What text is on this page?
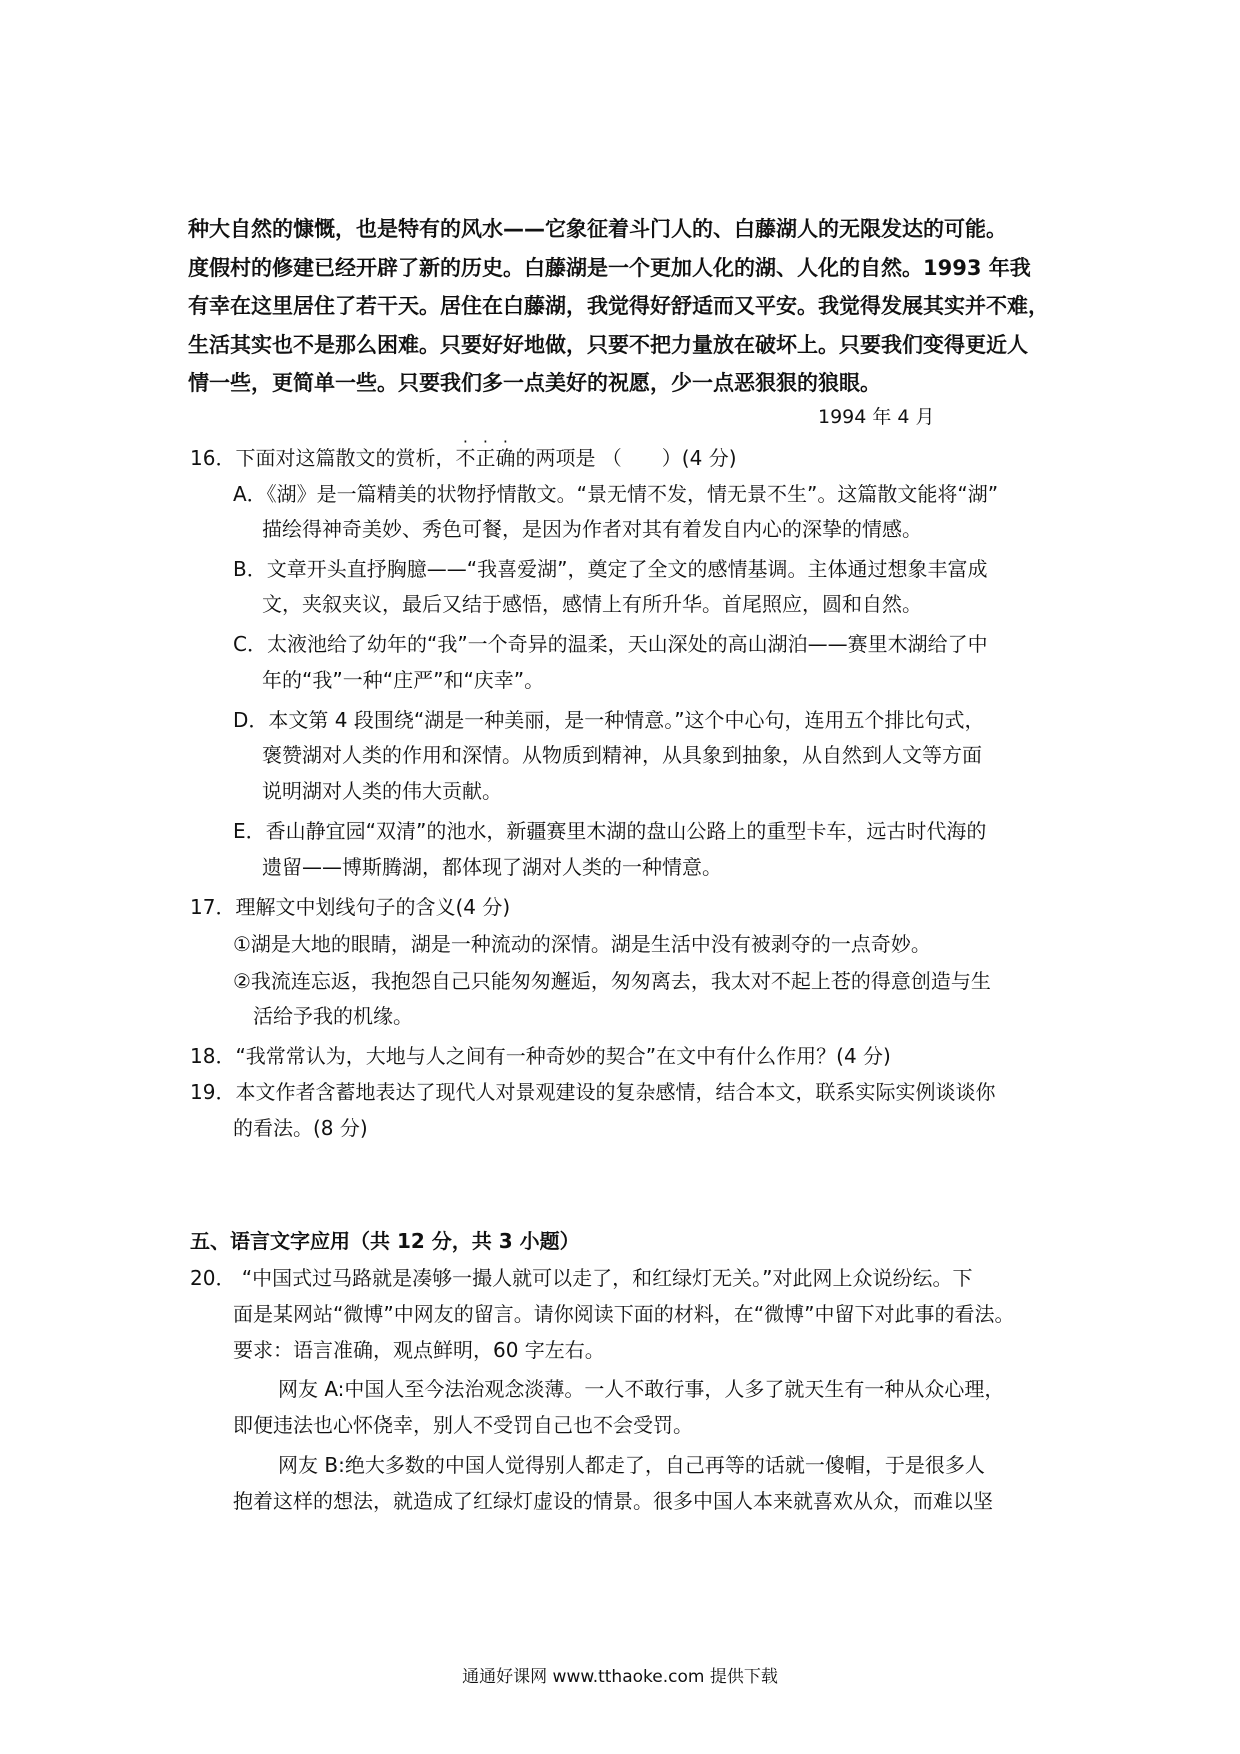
种大自然的慷慨，也是特有的风水——它象征着斗门人的、白藤湖人的无限发达的可能。

度假村的修建已经开辟了新的历史。白藤湖是一个更加人化的湖、人化的自然。1993 年我

有幸在这里居住了若干天。居住在白藤湖，我觉得好舒适而又平安。我觉得发展其实并不难，

生活其实也不是那么困难。只要好好地做，只要不把力量放在破坏上。只要我们变得更近人

情一些，更简单一些。只要我们多一点美好的祝愿，少一点恶狠狠的狼眼。

1994 年 4 月
16．下面对这篇散文的赏析，不正确的两项是 （　　）(4 分)
A．《湖》是一篇精美的状物抒情散文。“景无情不发，情无景不生”。这篇散文能将“湖”
描绘得神奇美妙、秀色可餐，是因为作者对其有着发自内心的深挚的情感。
B．文章开头直抒胸臆——“我喜爱湖”，奠定了全文的感情基调。主体通过想象丰富成
文，夹叙夹议，最后又结于感悟，感情上有所升华。首尾照应，圆和自然。
C．太液池给了幼年的“我”一个奇异的温柔，天山深处的高山湖泊——赛里木湖给了中
年的“我”一种“庄严”和“庆幸”。
D．本文第 4 段围绕“湖是一种美丽，是一种情意。”这个中心句，连用五个排比句式，
褒赞湖对人类的作用和深情。从物质到精神，从具象到抽象，从自然到人文等方面
说明湖对人类的伟大贡献。
E．香山静宜园“双清”的池水，新疆赛里木湖的盘山公路上的重型卡车，远古时代海的
遗留——博斯腾湖，都体现了湖对人类的一种情意。
17．理解文中划线句子的含义(4 分)
①湖是大地的眼睛，湖是一种流动的深情。湖是生活中没有被剥夺的一点奇妙。
②我流连忘返，我抱怨自己只能匆匆邂逅，匆匆离去，我太对不起上苍的得意创造与生
活给予我的机缘。
18．“我常常认为，大地与人之间有一种奇妙的契合”在文中有什么作用？(4 分)
19．本文作者含蓄地表达了现代人对景观建设的复杂感情，结合本文，联系实际实例谈谈你
的看法。(8 分)
五、语言文字应用（共 12 分，共 3 小题）
20． “中国式过马路就是凑够一撮人就可以走了，和红绿灯无关。”对此网上众说纷纭。下
面是某网站“微博”中网友的留言。请你阅读下面的材料，在“微博”中留下对此事的看法。
要求：语言准确，观点鲜明，60 字左右。
网友 A:中国人至今法治观念淡薄。一人不敢行事，人多了就天生有一种从众心理，
即便违法也心怀侥幸，别人不受罚自己也不会受罚。
网友 B:绝大多数的中国人觉得别人都走了，自己再等的话就一傻帽，于是很多人
抱着这样的想法，就造成了红绿灯虚设的情景。很多中国人本来就喜欢从众，而难以坚
通通好课网 www.tthaoke.com 提供下载
